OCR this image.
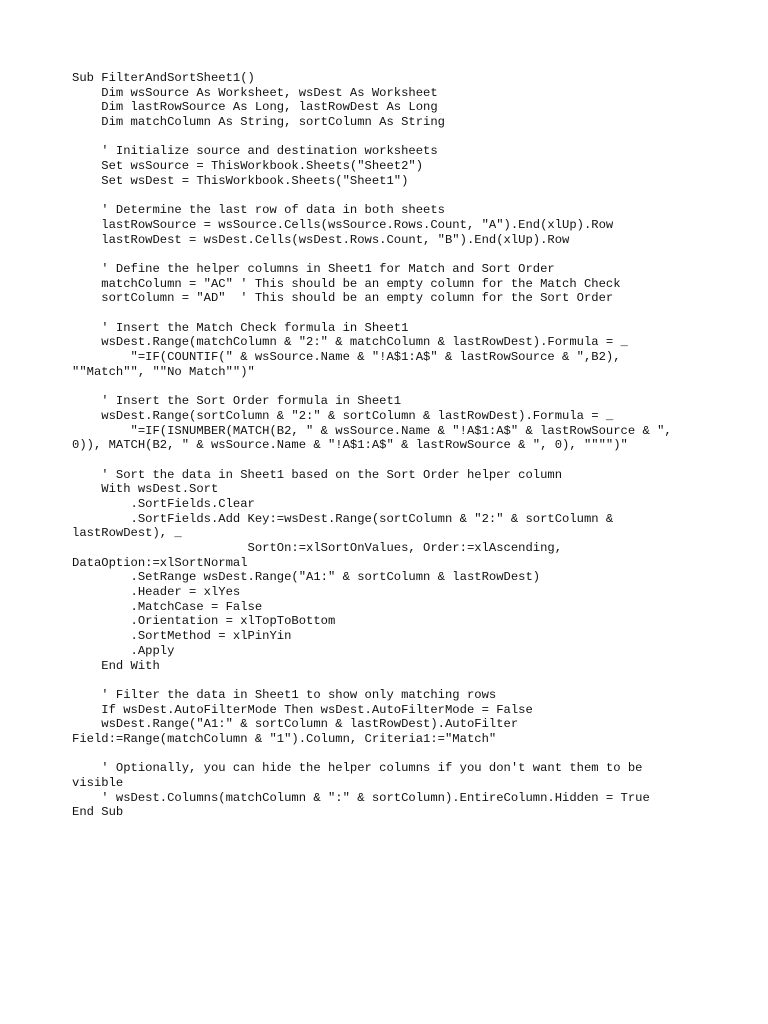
Sub FilterAndSortSheet1()
Dim wsSource As Worksheet, wsDest As Worksheet
Dim lastRowSource As Long, lastRowDest As Long
Dim matchColumn As String, sortColumn As String
' Initialize source and destination worksheets
Set wsSource = ThisWorkbook.Sheets("Sheet2")
Set wsDest = ThisWorkbook.Sheets("Sheet1")
' Determine the last row of data in both sheets
lastRowSource = wsSource.Cells(wsSource.Rows.Count, "A").End(xlUp).Row
lastRowDest = wsDest.Cells(wsDest.Rows.Count, "B").End(xlUp).Row
' Define the helper columns in Sheet1 for Match and Sort Order
matchColumn = "AC" ' This should be an empty column for the Match Check
sortColumn = "AD"  ' This should be an empty column for the Sort Order
' Insert the Match Check formula in Sheet1
wsDest.Range(matchColumn & "2:" & matchColumn & lastRowDest).Formula = _
"=IF(COUNTIF(" & wsSource.Name & "!A$1:A$" & lastRowSource & ",B2),
""Match"", ""No Match"")"
' Insert the Sort Order formula in Sheet1
wsDest.Range(sortColumn & "2:" & sortColumn & lastRowDest).Formula = _
"=IF(ISNUMBER(MATCH(B2, " & wsSource.Name & "!A$1:A$" & lastRowSource & ",
0)), MATCH(B2, " & wsSource.Name & "!A$1:A$" & lastRowSource & ", 0), """")"
' Sort the data in Sheet1 based on the Sort Order helper column
With wsDest.Sort
.SortFields.Clear
.SortFields.Add Key:=wsDest.Range(sortColumn & "2:" & sortColumn &
lastRowDest), _
SortOn:=xlSortOnValues, Order:=xlAscending,
DataOption:=xlSortNormal
.SetRange wsDest.Range("A1:" & sortColumn & lastRowDest)
.Header = xlYes
.MatchCase = False
.Orientation = xlTopToBottom
.SortMethod = xlPinYin
.Apply
End With
' Filter the data in Sheet1 to show only matching rows
If wsDest.AutoFilterMode Then wsDest.AutoFilterMode = False
wsDest.Range("A1:" & sortColumn & lastRowDest).AutoFilter
Field:=Range(matchColumn & "1").Column, Criteria1:="Match"
' Optionally, you can hide the helper columns if you don't want them to be
visible
' wsDest.Columns(matchColumn & ":" & sortColumn).EntireColumn.Hidden = True
End Sub
